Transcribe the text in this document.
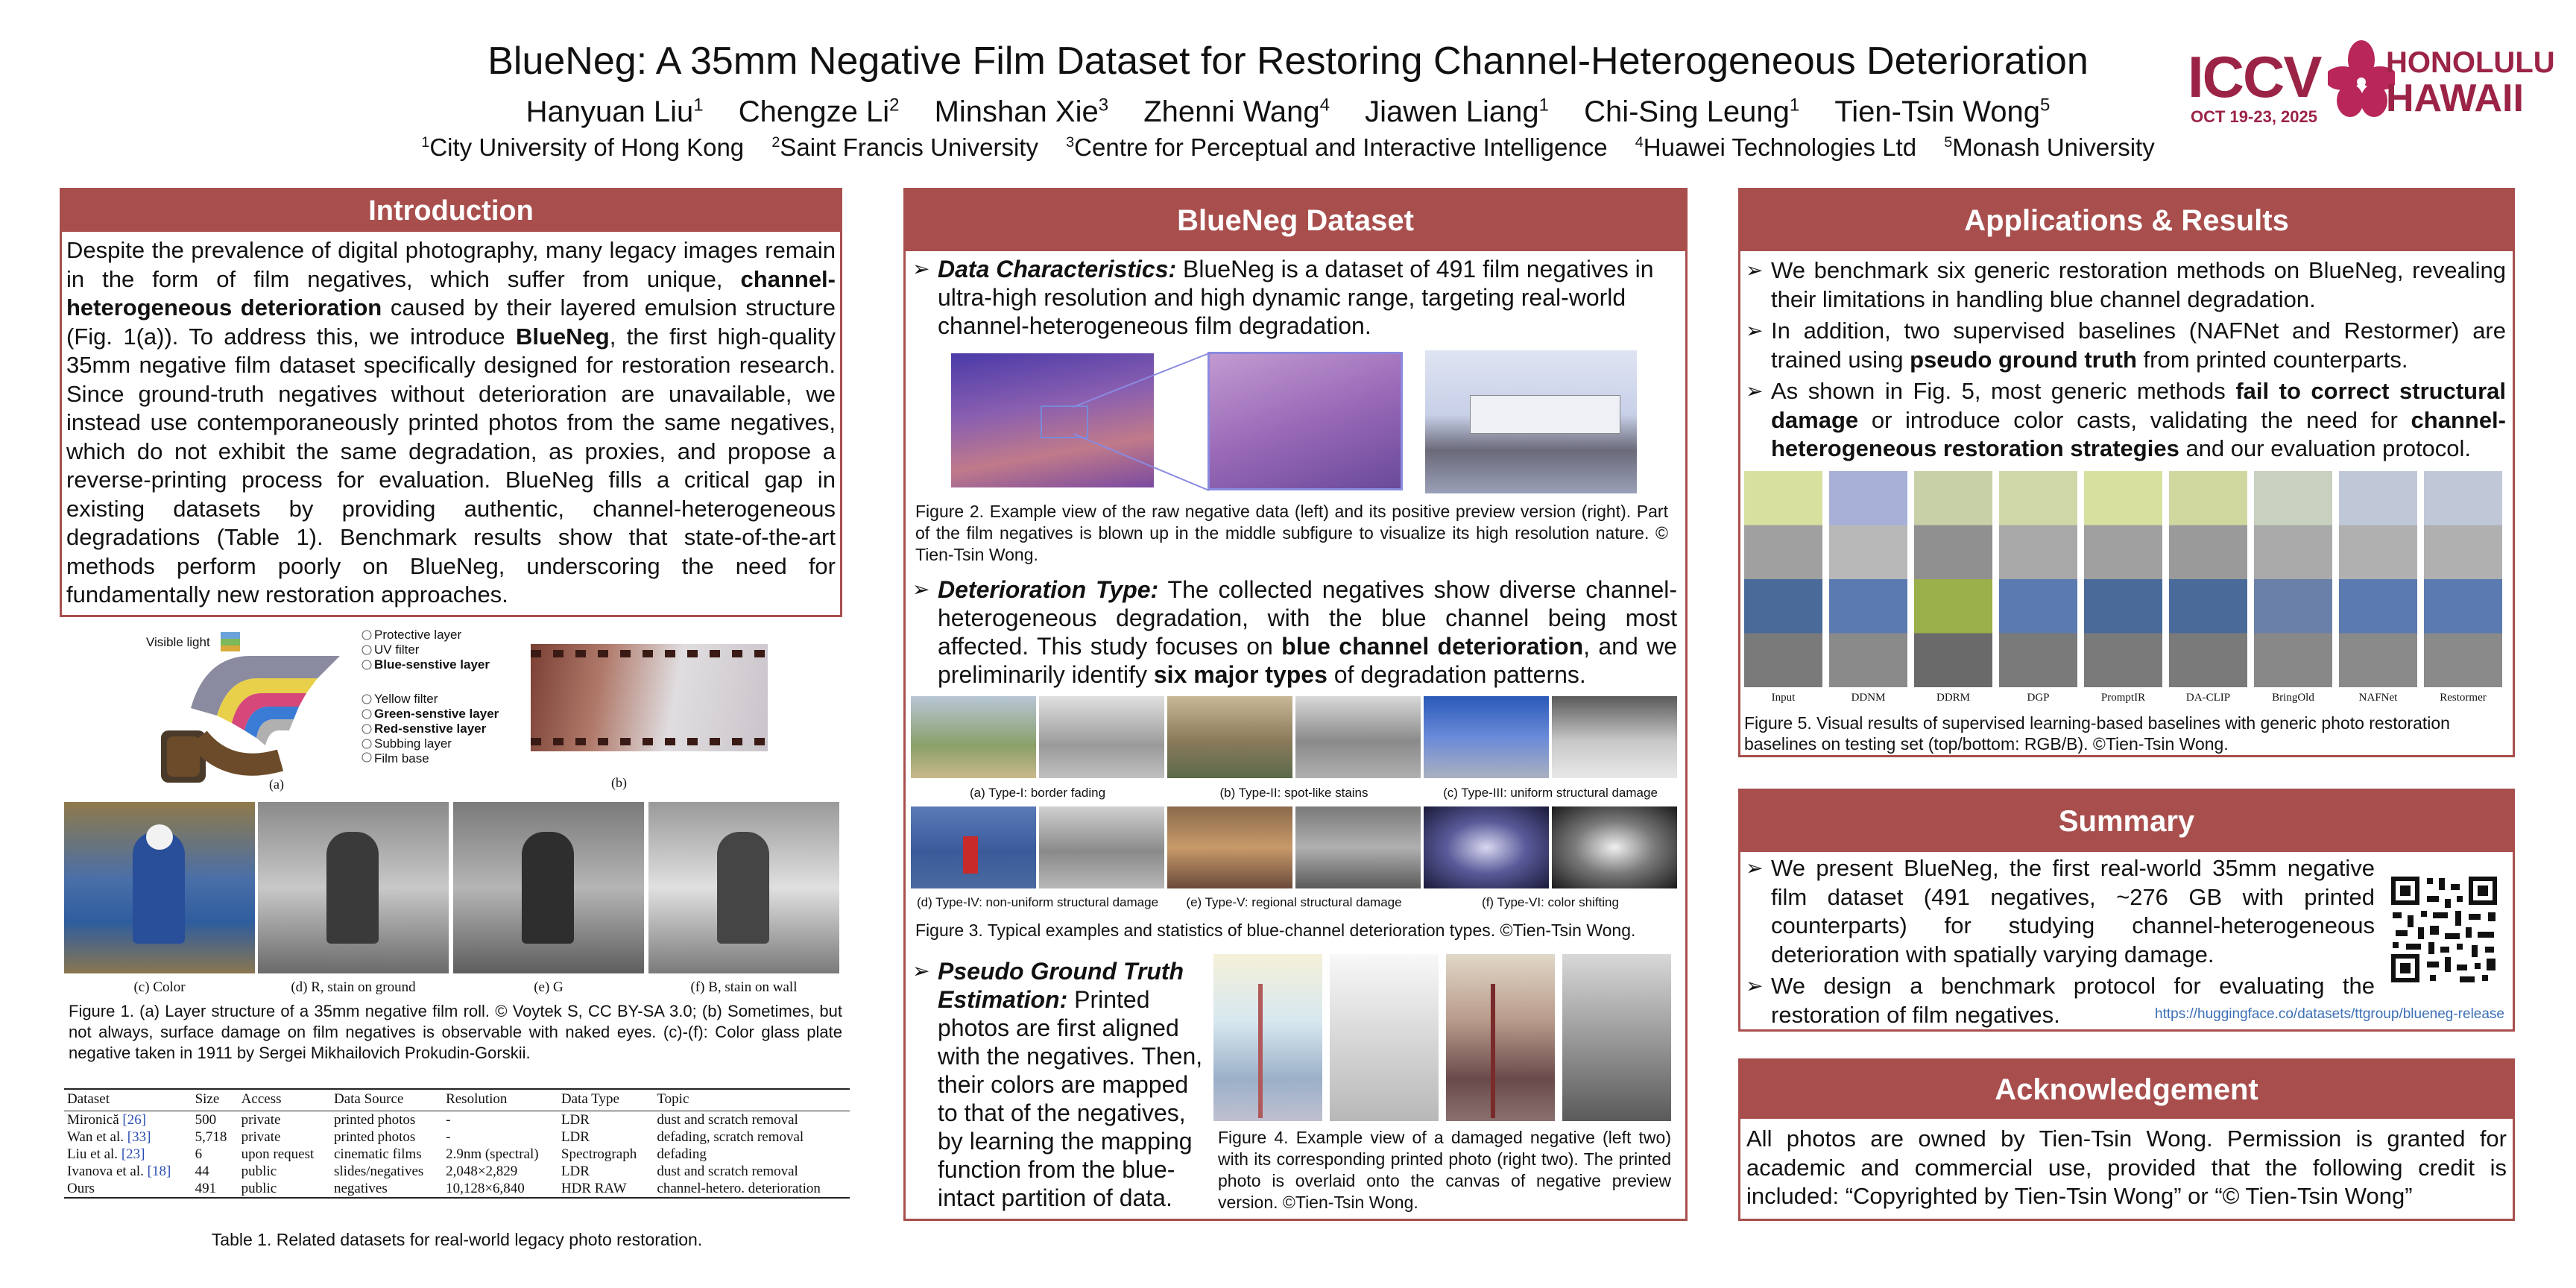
BlueNeg: A 35mm Negative Film Dataset for Restoring Channel-Heterogeneous Deterioration
Hanyuan Liu$^1$ Chengze Li$^2$ Minshan Xie$^3$ Zhenni Wang$^4$ Jiawen Liang$^1$ Chi-Sing Leung$^1$ Tien-Tsin Wong$^5$
$^1$City University of Hong Kong $^2$Saint Francis University $^3$Centre for Perceptual and Interactive Intelligence $^4$Huawei Technologies Ltd $^5$Monash University
ICCV
OCT 19-23, 2025
HONOLULU
HAWAII
Introduction
Despite the prevalence of digital photography, many legacy images remain in the form of film negatives, which suffer from unique, channel-heterogeneous deterioration caused by their layered emulsion structure (Fig. 1(a)). To address this, we introduce BlueNeg, the first high-quality 35mm negative film dataset specifically designed for restoration research. Since ground-truth negatives without deterioration are unavailable, we instead use contemporaneously printed photos from the same negatives, which do not exhibit the same degradation, as proxies, and propose a reverse-printing process for evaluation. BlueNeg fills a critical gap in existing datasets by providing authentic, channel-heterogeneous degradations (Table 1). Benchmark results show that state-of-the-art methods perform poorly on BlueNeg, underscoring the need for fundamentally new restoration approaches.
Visible light
Protective layer
UV filter
Blue-senstive layer
Yellow filter
Green-senstive layer
Red-senstive layer
Subbing layer
Film base
(a)	(b)
(c) Color	(d) R, stain on ground	(e) G	(f) B, stain on wall
Figure 1. (a) Layer structure of a 35mm negative film roll. © Voytek S, CC BY-SA 3.0; (b) Sometimes, but not always, surface damage on film negatives is observable with naked eyes. (c)-(f): Color glass plate negative taken in 1911 by Sergei Mikhailovich Prokudin-Gorskii.
Dataset	Size	Access	Data Source	Resolution	Data Type	Topic
Mironică [26]	500	private	printed photos	-	LDR	dust and scratch removal
Wan et al. [33]	5,718	private	printed photos	-	LDR	defading, scratch removal
Liu et al. [23]	6	upon request	cinematic films	2.9nm (spectral)	Spectrograph	defading
Ivanova et al. [18]	44	public	slides/negatives	2,048×2,829	LDR	dust and scratch removal
Ours	491	public	negatives	10,128×6,840	HDR RAW	channel-hetero. deterioration
Table 1. Related datasets for real-world legacy photo restoration.
BlueNeg Dataset
➢ Data Characteristics: BlueNeg is a dataset of 491 film negatives in ultra-high resolution and high dynamic range, targeting real-world channel-heterogeneous film degradation.
Figure 2. Example view of the raw negative data (left) and its positive preview version (right). Part of the film negatives is blown up in the middle subfigure to visualize its high resolution nature. © Tien-Tsin Wong.
➢ Deterioration Type: The collected negatives show diverse channel-heterogeneous degradation, with the blue channel being most affected. This study focuses on blue channel deterioration, and we preliminarily identify six major types of degradation patterns.
(a) Type-I: border fading	(b) Type-II: spot-like stains	(c) Type-III: uniform structural damage
(d) Type-IV: non-uniform structural damage	(e) Type-V: regional structural damage	(f) Type-VI: color shifting
Figure 3. Typical examples and statistics of blue-channel deterioration types. ©Tien-Tsin Wong.
➢ Pseudo Ground Truth Estimation: Printed photos are first aligned with the negatives. Then, their colors are mapped to that of the negatives, by learning the mapping function from the blue-intact partition of data.
Figure 4. Example view of a damaged negative (left two) with its corresponding printed photo (right two). The printed photo is overlaid onto the canvas of negative preview version. ©Tien-Tsin Wong.
Applications & Results
➢ We benchmark six generic restoration methods on BlueNeg, revealing their limitations in handling blue channel degradation.
➢ In addition, two supervised baselines (NAFNet and Restormer) are trained using pseudo ground truth from printed counterparts.
➢ As shown in Fig. 5, most generic methods fail to correct structural damage or introduce color casts, validating the need for channel-heterogeneous restoration strategies and our evaluation protocol.
Input	DDNM	DDRM	DGP	PromptIR	DA-CLIP	BringOld	NAFNet	Restormer
Figure 5. Visual results of supervised learning-based baselines with generic photo restoration baselines on testing set (top/bottom: RGB/B). ©Tien-Tsin Wong.
Summary
➢ We present BlueNeg, the first real-world 35mm negative film dataset (491 negatives, ~276 GB with printed counterparts) for studying channel-heterogeneous deterioration with spatially varying damage.
➢ We design a benchmark protocol for evaluating the restoration of film negatives.	https://huggingface.co/datasets/ttgroup/blueneg-release
Acknowledgement
All photos are owned by Tien-Tsin Wong. Permission is granted for academic and commercial use, provided that the following credit is included: “Copyrighted by Tien-Tsin Wong” or “© Tien-Tsin Wong”
